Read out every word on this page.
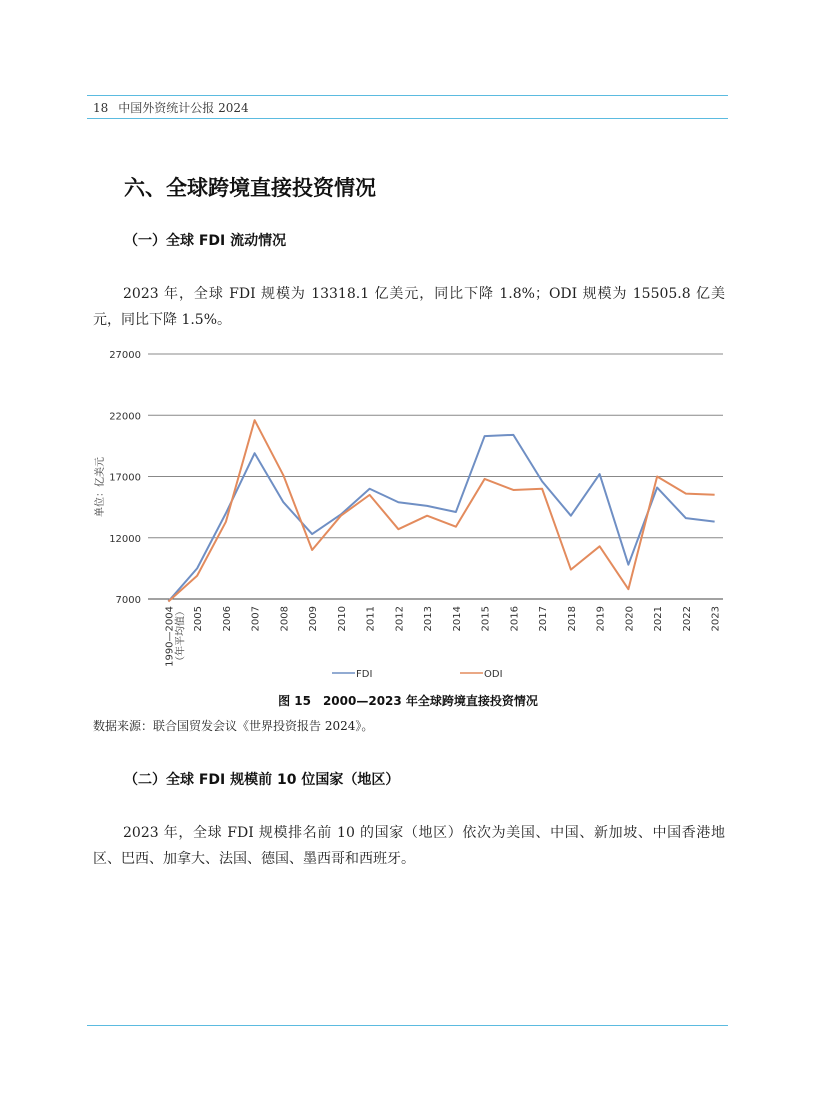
18 中国外资统计公报 2024
六、全球跨境直接投资情况
（一）全球 FDI 流动情况
2023 年，全球 FDI 规模为 13318.1 亿美元，同比下降 1.8%；ODI 规模为 15505.8 亿美元，同比下降 1.5%。
7000
12000
17000
22000
27000
1990—2004 （年平均值） 2005 2006 2007 2008 2009 2010 2011 2012 2013 2014 2015 2016 2017 2018 2019 2020 2021 2022 2023
单位：亿美元
FDI	ODI
图 15　2000—2023 年全球跨境直接投资情况
数据来源：联合国贸发会议《世界投资报告 2024》。
（二）全球 FDI 规模前 10 位国家（地区）
2023 年，全球 FDI 规模排名前 10 的国家（地区）依次为美国、中国、新加坡、中国香港地区、巴西、加拿大、法国、德国、墨西哥和西班牙。
